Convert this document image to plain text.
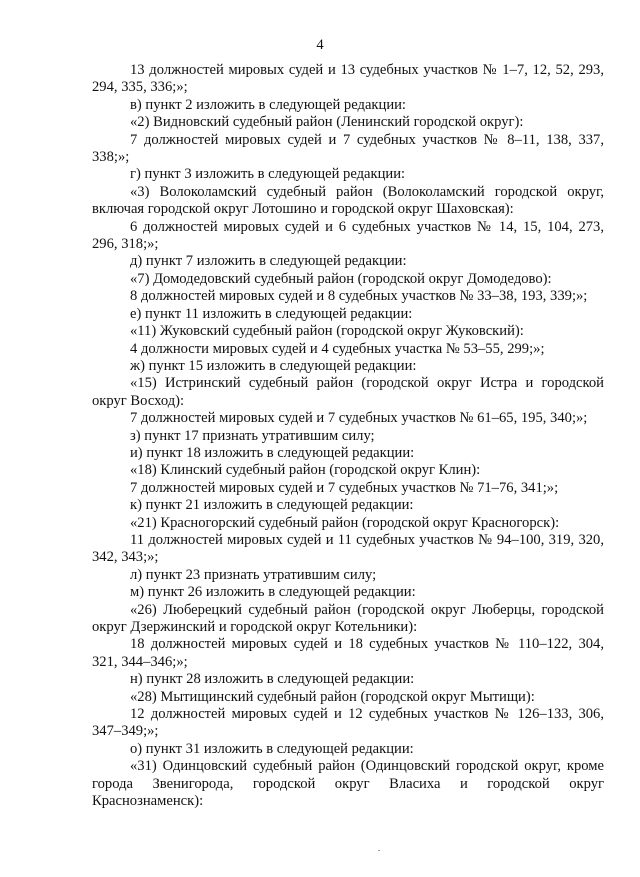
4

13 должностей мировых судей и 13 судебных участков № 1–7, 12, 52, 293, 294, 335, 336;»;

в) пункт 2 изложить в следующей редакции:

«2) Видновский судебный район (Ленинский городской округ):

7 должностей мировых судей и 7 судебных участков № 8–11, 138, 337, 338;»;

г) пункт 3 изложить в следующей редакции:

«3) Волоколамский судебный район (Волоколамский городской округ, включая городской округ Лотошино и городской округ Шаховская):

6 должностей мировых судей и 6 судебных участков № 14, 15, 104, 273, 296, 318;»;

д) пункт 7 изложить в следующей редакции:

«7) Домодедовский судебный район (городской округ Домодедово):

8 должностей мировых судей и 8 судебных участков № 33–38, 193, 339;»;

е) пункт 11 изложить в следующей редакции:

«11) Жуковский судебный район (городской округ Жуковский):

4 должности мировых судей и 4 судебных участка № 53–55, 299;»;

ж) пункт 15 изложить в следующей редакции:

«15) Истринский судебный район (городской округ Истра и городской округ Восход):

7 должностей мировых судей и 7 судебных участков № 61–65, 195, 340;»;

з) пункт 17 признать утратившим силу;

и) пункт 18 изложить в следующей редакции:

«18) Клинский судебный район (городской округ Клин):

7 должностей мировых судей и 7 судебных участков № 71–76, 341;»;

к) пункт 21 изложить в следующей редакции:

«21) Красногорский судебный район (городской округ Красногорск):

11 должностей мировых судей и 11 судебных участков № 94–100, 319, 320, 342, 343;»;

л) пункт 23 признать утратившим силу;

м) пункт 26 изложить в следующей редакции:

«26) Люберецкий судебный район (городской округ Люберцы, городской округ Дзержинский и городской округ Котельники):

18 должностей мировых судей и 18 судебных участков № 110–122, 304, 321, 344–346;»;

н) пункт 28 изложить в следующей редакции:

«28) Мытищинский судебный район (городской округ Мытищи):

12 должностей мировых судей и 12 судебных участков № 126–133, 306, 347–349;»;

о) пункт 31 изложить в следующей редакции:

«31) Одинцовский судебный район (Одинцовский городской округ, кроме города Звенигорода, городской округ Власиха и городской округ Краснознаменск):
